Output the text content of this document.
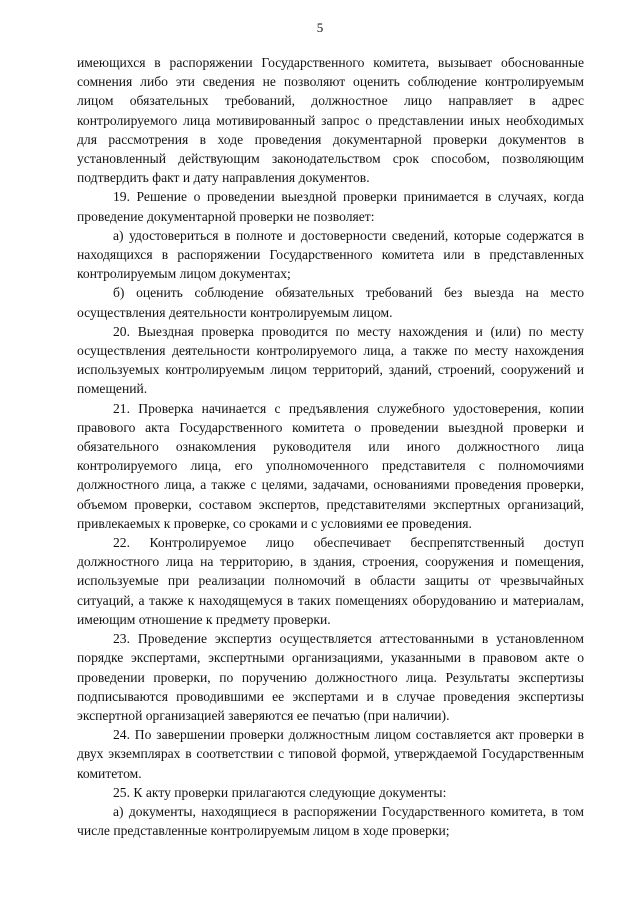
5

имеющихся в распоряжении Государственного комитета, вызывает обоснованные сомнения либо эти сведения не позволяют оценить соблюдение контролируемым лицом обязательных требований, должностное лицо направляет в адрес контролируемого лица мотивированный запрос о представлении иных необходимых для рассмотрения в ходе проведения документарной проверки документов в установленный действующим законодательством срок способом, позволяющим подтвердить факт и дату направления документов.

19. Решение о проведении выездной проверки принимается в случаях, когда проведение документарной проверки не позволяет:

а) удостовериться в полноте и достоверности сведений, которые содержатся в находящихся в распоряжении Государственного комитета или в представленных контролируемым лицом документах;

б) оценить соблюдение обязательных требований без выезда на место осуществления деятельности контролируемым лицом.

20. Выездная проверка проводится по месту нахождения и (или) по месту осуществления деятельности контролируемого лица, а также по месту нахождения используемых контролируемым лицом территорий, зданий, строений, сооружений и помещений.

21. Проверка начинается с предъявления служебного удостоверения, копии правового акта Государственного комитета о проведении выездной проверки и обязательного ознакомления руководителя или иного должностного лица контролируемого лица, его уполномоченного представителя с полномочиями должностного лица, а также с целями, задачами, основаниями проведения проверки, объемом проверки, составом экспертов, представителями экспертных организаций, привлекаемых к проверке, со сроками и с условиями ее проведения.

22. Контролируемое лицо обеспечивает беспрепятственный доступ должностного лица на территорию, в здания, строения, сооружения и помещения, используемые при реализации полномочий в области защиты от чрезвычайных ситуаций, а также к находящемуся в таких помещениях оборудованию и материалам, имеющим отношение к предмету проверки.

23. Проведение экспертиз осуществляется аттестованными в установленном порядке экспертами, экспертными организациями, указанными в правовом акте о проведении проверки, по поручению должностного лица. Результаты экспертизы подписываются проводившими ее экспертами и в случае проведения экспертизы экспертной организацией заверяются ее печатью (при наличии).

24. По завершении проверки должностным лицом составляется акт проверки в двух экземплярах в соответствии с типовой формой, утверждаемой Государственным комитетом.

25. К акту проверки прилагаются следующие документы:

а) документы, находящиеся в распоряжении Государственного комитета, в том числе представленные контролируемым лицом в ходе проверки;
